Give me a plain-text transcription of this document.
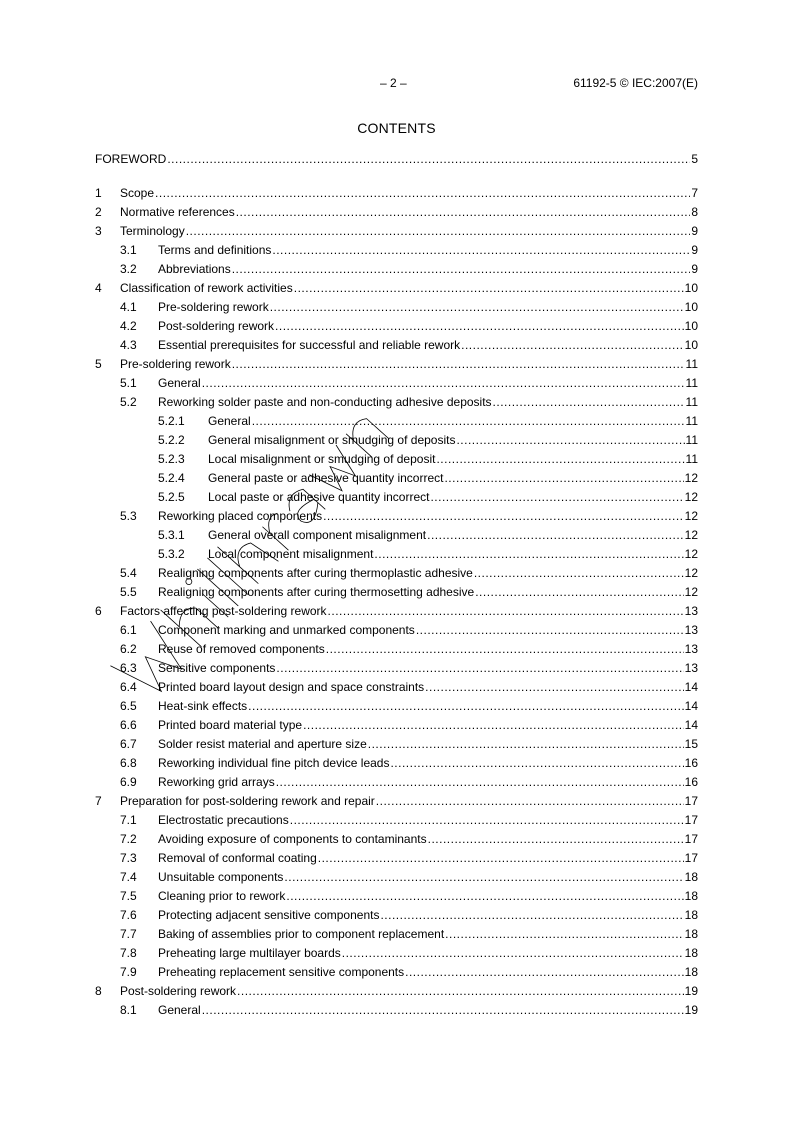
– 2 –	61192-5 © IEC:2007(E)
CONTENTS
FOREWORD .....	5
1	Scope .....	7
2	Normative references .....	8
3	Terminology .....	9
3.1	Terms and definitions .....	9
3.2	Abbreviations .....	9
4	Classification of rework activities .....	10
4.1	Pre-soldering rework .....	10
4.2	Post-soldering rework .....	10
4.3	Essential prerequisites for successful and reliable rework .....	10
5	Pre-soldering rework .....	11
5.1	General .....	11
5.2	Reworking solder paste and non-conducting adhesive deposits .....	11
5.2.1	General .....	11
5.2.2	General misalignment or smudging of deposits .....	11
5.2.3	Local misalignment or smudging of deposit .....	11
5.2.4	General paste or adhesive quantity incorrect .....	12
5.2.5	Local paste or adhesive quantity incorrect .....	12
5.3	Reworking placed components .....	12
5.3.1	General overall component misalignment .....	12
5.3.2	Local component misalignment .....	12
5.4	Realigning components after curing thermoplastic adhesive .....	12
5.5	Realigning components after curing thermosetting adhesive .....	12
6	Factors affecting post-soldering rework .....	13
6.1	Component marking and unmarked components .....	13
6.2	Reuse of removed components .....	13
6.3	Sensitive components .....	13
6.4	Printed board layout design and space constraints .....	14
6.5	Heat-sink effects .....	14
6.6	Printed board material type .....	14
6.7	Solder resist material and aperture size .....	15
6.8	Reworking individual fine pitch device leads .....	16
6.9	Reworking grid arrays .....	16
7	Preparation for post-soldering rework and repair .....	17
7.1	Electrostatic precautions .....	17
7.2	Avoiding exposure of components to contaminants .....	17
7.3	Removal of conformal coating .....	17
7.4	Unsuitable components .....	18
7.5	Cleaning prior to rework .....	18
7.6	Protecting adjacent sensitive components .....	18
7.7	Baking of assemblies prior to component replacement .....	18
7.8	Preheating large multilayer boards .....	18
7.9	Preheating replacement sensitive components .....	18
8	Post-soldering rework .....	19
8.1	General .....	19
